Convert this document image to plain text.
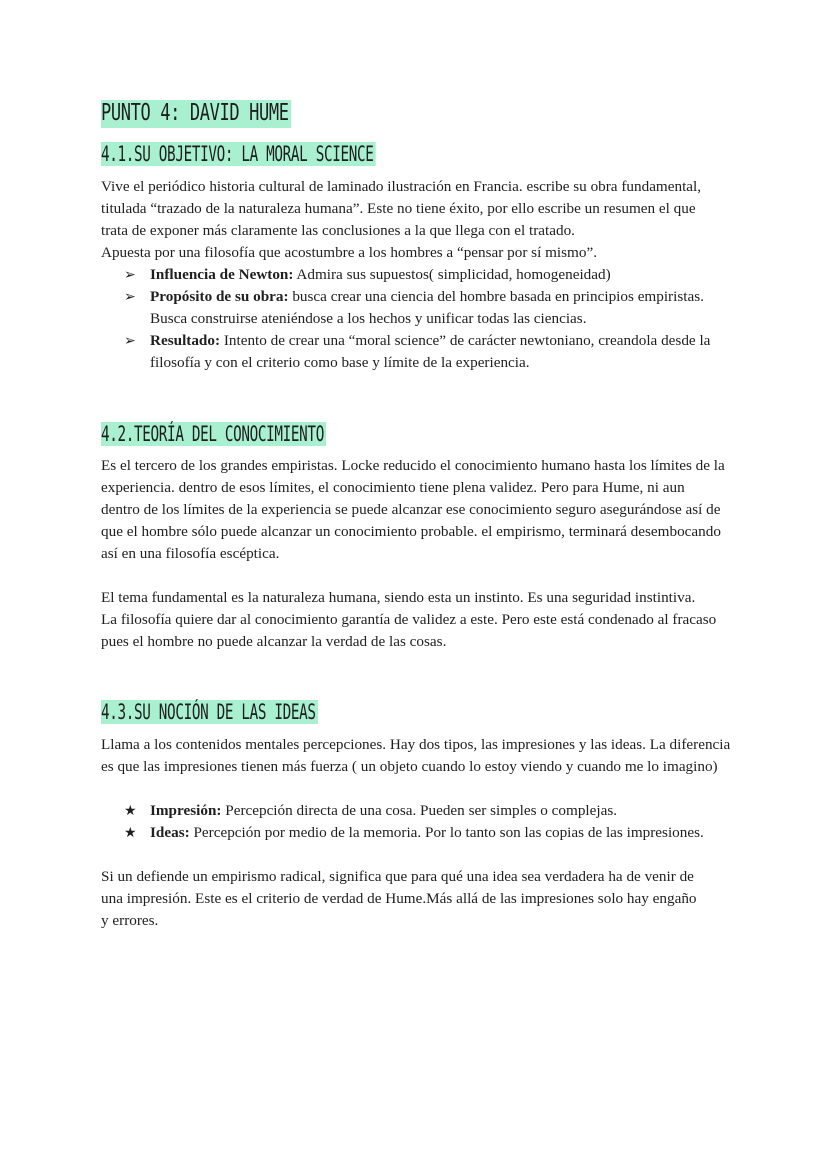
PUNTO 4: DAVID HUME
4.1.SU OBJETIVO: LA MORAL SCIENCE

Vive el periódico historia cultural de laminado ilustración en Francia. escribe su obra fundamental, titulada “trazado de la naturaleza humana”. Este no tiene éxito, por ello escribe un resumen el que trata de exponer más claramente las conclusiones a la que llega con el tratado.

Apuesta por una filosofía que acostumbre a los hombres a “pensar por sí mismo”.

➢ Influencia de Newton: Admira sus supuestos( simplicidad, homogeneidad)
➢ Propósito de su obra: busca crear una ciencia del hombre basada en principios empiristas. Busca construirse ateniéndose a los hechos y unificar todas las ciencias.
➢ Resultado: Intento de crear una “moral science” de carácter newtoniano, creandola desde la filosofía y con el criterio como base y límite de la experiencia.
4.2.TEORÍA DEL CONOCIMIENTO

Es el tercero de los grandes empiristas. Locke reducido el conocimiento humano hasta los límites de la experiencia. dentro de esos límites, el conocimiento tiene plena validez. Pero para Hume, ni aun dentro de los límites de la experiencia se puede alcanzar ese conocimiento seguro asegurándose así de que el hombre sólo puede alcanzar un conocimiento probable. el empirismo, terminará desembocando así en una filosofía escéptica.

El tema fundamental es la naturaleza humana, siendo esta un instinto. Es una seguridad instintiva.

La filosofía quiere dar al conocimiento garantía de validez a este. Pero este está condenado al fracaso pues el hombre no puede alcanzar la verdad de las cosas.

4.3.SU NOCIÓN DE LAS IDEAS

Llama a los contenidos mentales percepciones. Hay dos tipos, las impresiones y las ideas. La diferencia es que las impresiones tienen más fuerza ( un objeto cuando lo estoy viendo y cuando me lo imagino)

★ Impresión: Percepción directa de una cosa. Pueden ser simples o complejas.
★ Ideas: Percepción por medio de la memoria. Por lo tanto son las copias de las impresiones.

Si un defiende un empirismo radical, significa que para qué una idea sea verdadera ha de venir de una impresión. Este es el criterio de verdad de Hume.Más allá de las impresiones solo hay engaño y errores.
